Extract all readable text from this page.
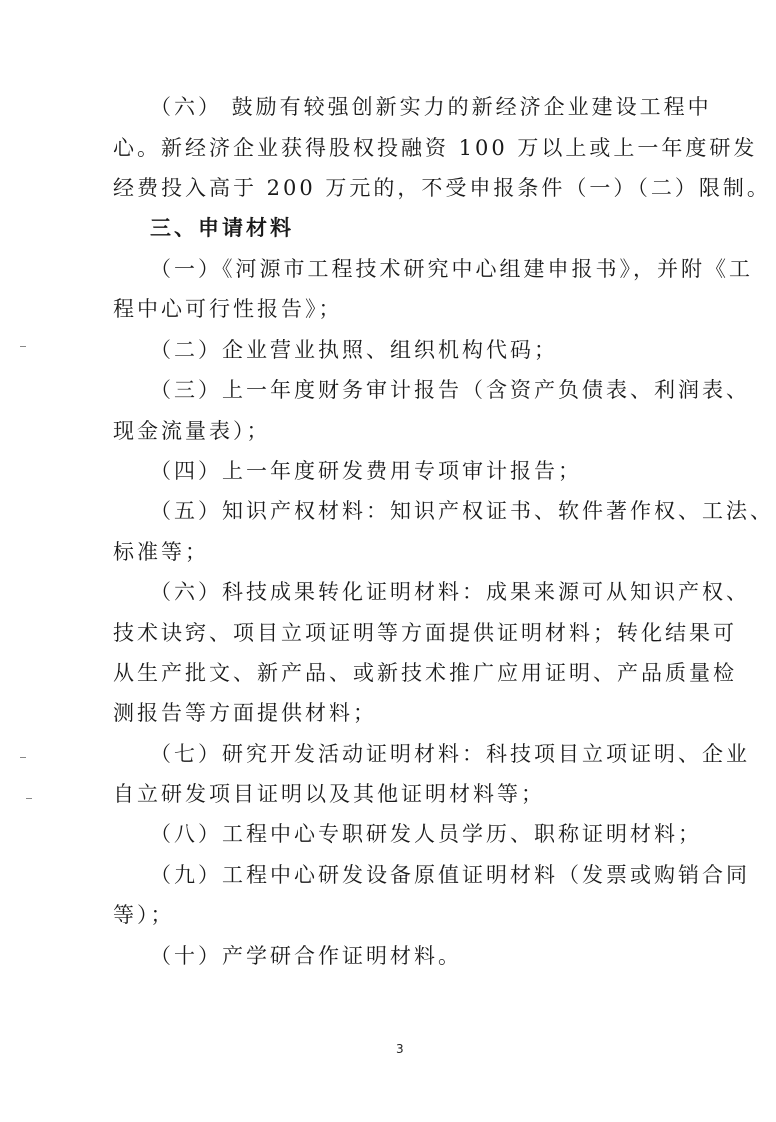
（六） 鼓励有较强创新实力的新经济企业建设工程中
心。新经济企业获得股权投融资 100 万以上或上一年度研发
经费投入高于 200 万元的，不受申报条件（一）（二）限制。
三、申请材料
（一）《河源市工程技术研究中心组建申报书》，并附《工
程中心可行性报告》；
（二）企业营业执照、组织机构代码；
（三）上一年度财务审计报告（含资产负债表、利润表、
现金流量表）；
（四）上一年度研发费用专项审计报告；
（五）知识产权材料：知识产权证书、软件著作权、工法、
标准等；
（六）科技成果转化证明材料：成果来源可从知识产权、
技术诀窍、项目立项证明等方面提供证明材料；转化结果可
从生产批文、新产品、或新技术推广应用证明、产品质量检
测报告等方面提供材料；
（七）研究开发活动证明材料：科技项目立项证明、企业
自立研发项目证明以及其他证明材料等；
（八）工程中心专职研发人员学历、职称证明材料；
（九）工程中心研发设备原值证明材料（发票或购销合同
等）；
（十）产学研合作证明材料。
3
